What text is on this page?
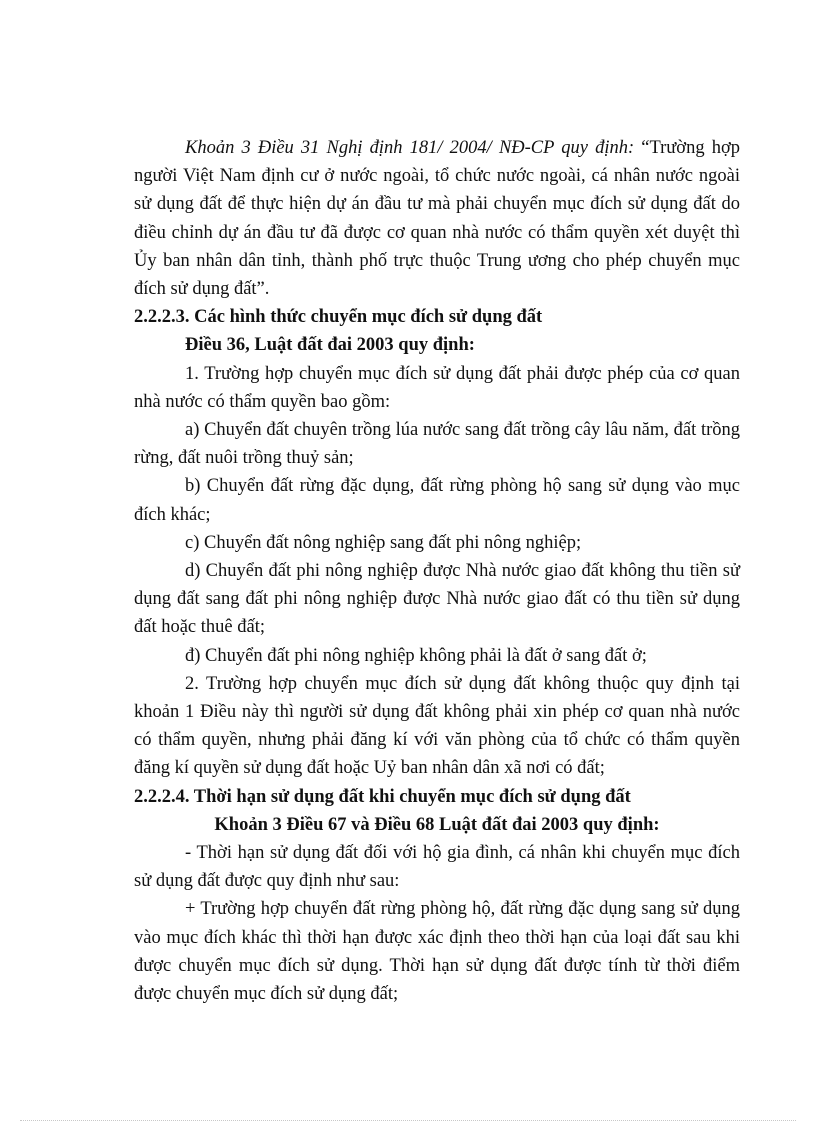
Khoản 3 Điều 31 Nghị định 181/ 2004/ NĐ-CP quy định: “Trường hợp người Việt Nam định cư ở nước ngoài, tổ chức nước ngoài, cá nhân nước ngoài sử dụng đất để thực hiện dự án đầu tư mà phải chuyển mục đích sử dụng đất do điều chỉnh dự án đầu tư đã được cơ quan nhà nước có thẩm quyền xét duyệt thì Ủy ban nhân dân tỉnh, thành phố trực thuộc Trung ương cho phép chuyển mục đích sử dụng đất”.

2.2.2.3. Các hình thức chuyển mục đích sử dụng đất

Điều 36, Luật đất đai 2003 quy định:

1. Trường hợp chuyển mục đích sử dụng đất phải được phép của cơ quan nhà nước có thẩm quyền bao gồm:

a) Chuyển đất chuyên trồng lúa nước sang đất trồng cây lâu năm, đất trồng rừng, đất nuôi trồng thuỷ sản;

b) Chuyển đất rừng đặc dụng, đất rừng phòng hộ sang sử dụng vào mục đích khác;

c) Chuyển đất nông nghiệp sang đất phi nông nghiệp;

d) Chuyển đất phi nông nghiệp được Nhà nước giao đất không thu tiền sử dụng đất sang đất phi nông nghiệp được Nhà nước giao đất có thu tiền sử dụng đất hoặc thuê đất;

đ) Chuyển đất phi nông nghiệp không phải là đất ở sang đất ở;

2. Trường hợp chuyển mục đích sử dụng đất không thuộc quy định tại khoản 1 Điều này thì người sử dụng đất không phải xin phép cơ quan nhà nước có thẩm quyền, nhưng phải đăng kí với văn phòng của tổ chức có thẩm quyền đăng kí quyền sử dụng đất hoặc Uỷ ban nhân dân xã nơi có đất;

2.2.2.4. Thời hạn sử dụng đất khi chuyển mục đích sử dụng đất

Khoản 3 Điều 67 và Điều 68 Luật đất đai 2003 quy định:

- Thời hạn sử dụng đất đối với hộ gia đình, cá nhân khi chuyển mục đích sử dụng đất được quy định như sau:

+ Trường hợp chuyển đất rừng phòng hộ, đất rừng đặc dụng sang sử dụng vào mục đích khác thì thời hạn được xác định theo thời hạn của loại đất sau khi được chuyển mục đích sử dụng. Thời hạn sử dụng đất được tính từ thời điểm được chuyển mục đích sử dụng đất;
